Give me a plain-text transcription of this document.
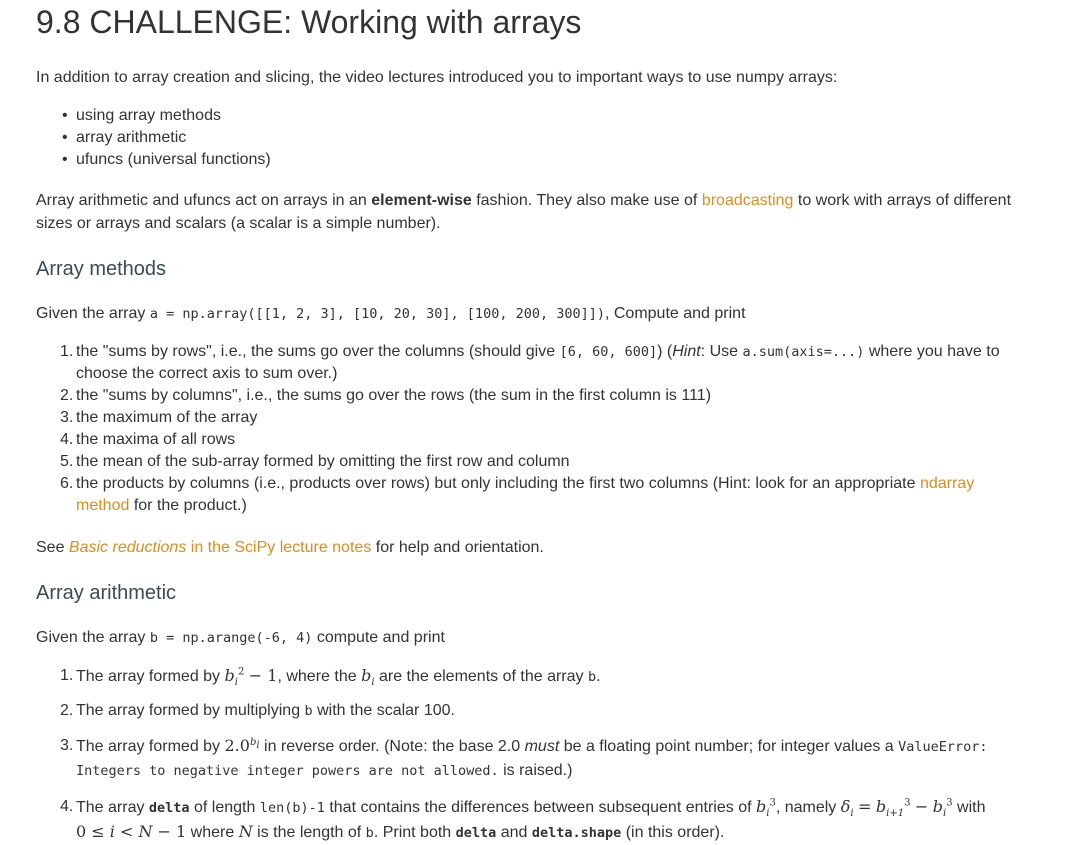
9.8 CHALLENGE: Working with arrays
In addition to array creation and slicing, the video lectures introduced you to important ways to use numpy arrays:
• using array methods
• array arithmetic
• ufuncs (universal functions)
Array arithmetic and ufuncs act on arrays in an element-wise fashion. They also make use of broadcasting to work with arrays of different
sizes or arrays and scalars (a scalar is a simple number).
Array methods
Given the array a = np.array([[1, 2, 3], [10, 20, 30], [100, 200, 300]]), Compute and print
1. the "sums by rows", i.e., the sums go over the columns (should give [6, 60, 600]) (Hint: Use a.sum(axis=...) where you have to
choose the correct axis to sum over.)
2. the "sums by columns", i.e., the sums go over the rows (the sum in the first column is 111)
3. the maximum of the array
4. the maxima of all rows
5. the mean of the sub-array formed by omitting the first row and column
6. the products by columns (i.e., products over rows) but only including the first two columns (Hint: look for an appropriate ndarray
method for the product.)
See Basic reductions in the SciPy lecture notes for help and orientation.
Array arithmetic
Given the array b = np.arange(-6, 4) compute and print
1. The array formed by $b_i^2 - 1$, where the $b_i$ are the elements of the array b.
2. The array formed by multiplying b with the scalar 100.
3. The array formed by $2.0^{b_i}$ in reverse order. (Note: the base 2.0 must be a floating point number; for integer values a ValueError:
Integers to negative integer powers are not allowed. is raised.)
4. The array delta of length len(b)-1 that contains the differences between subsequent entries of $b_i^3$, namely $\delta_i = b_{i+1}^3 - b_i^3$ with
0 ≤ i < N − 1 where N is the length of b. Print both delta and delta.shape (in this order).
